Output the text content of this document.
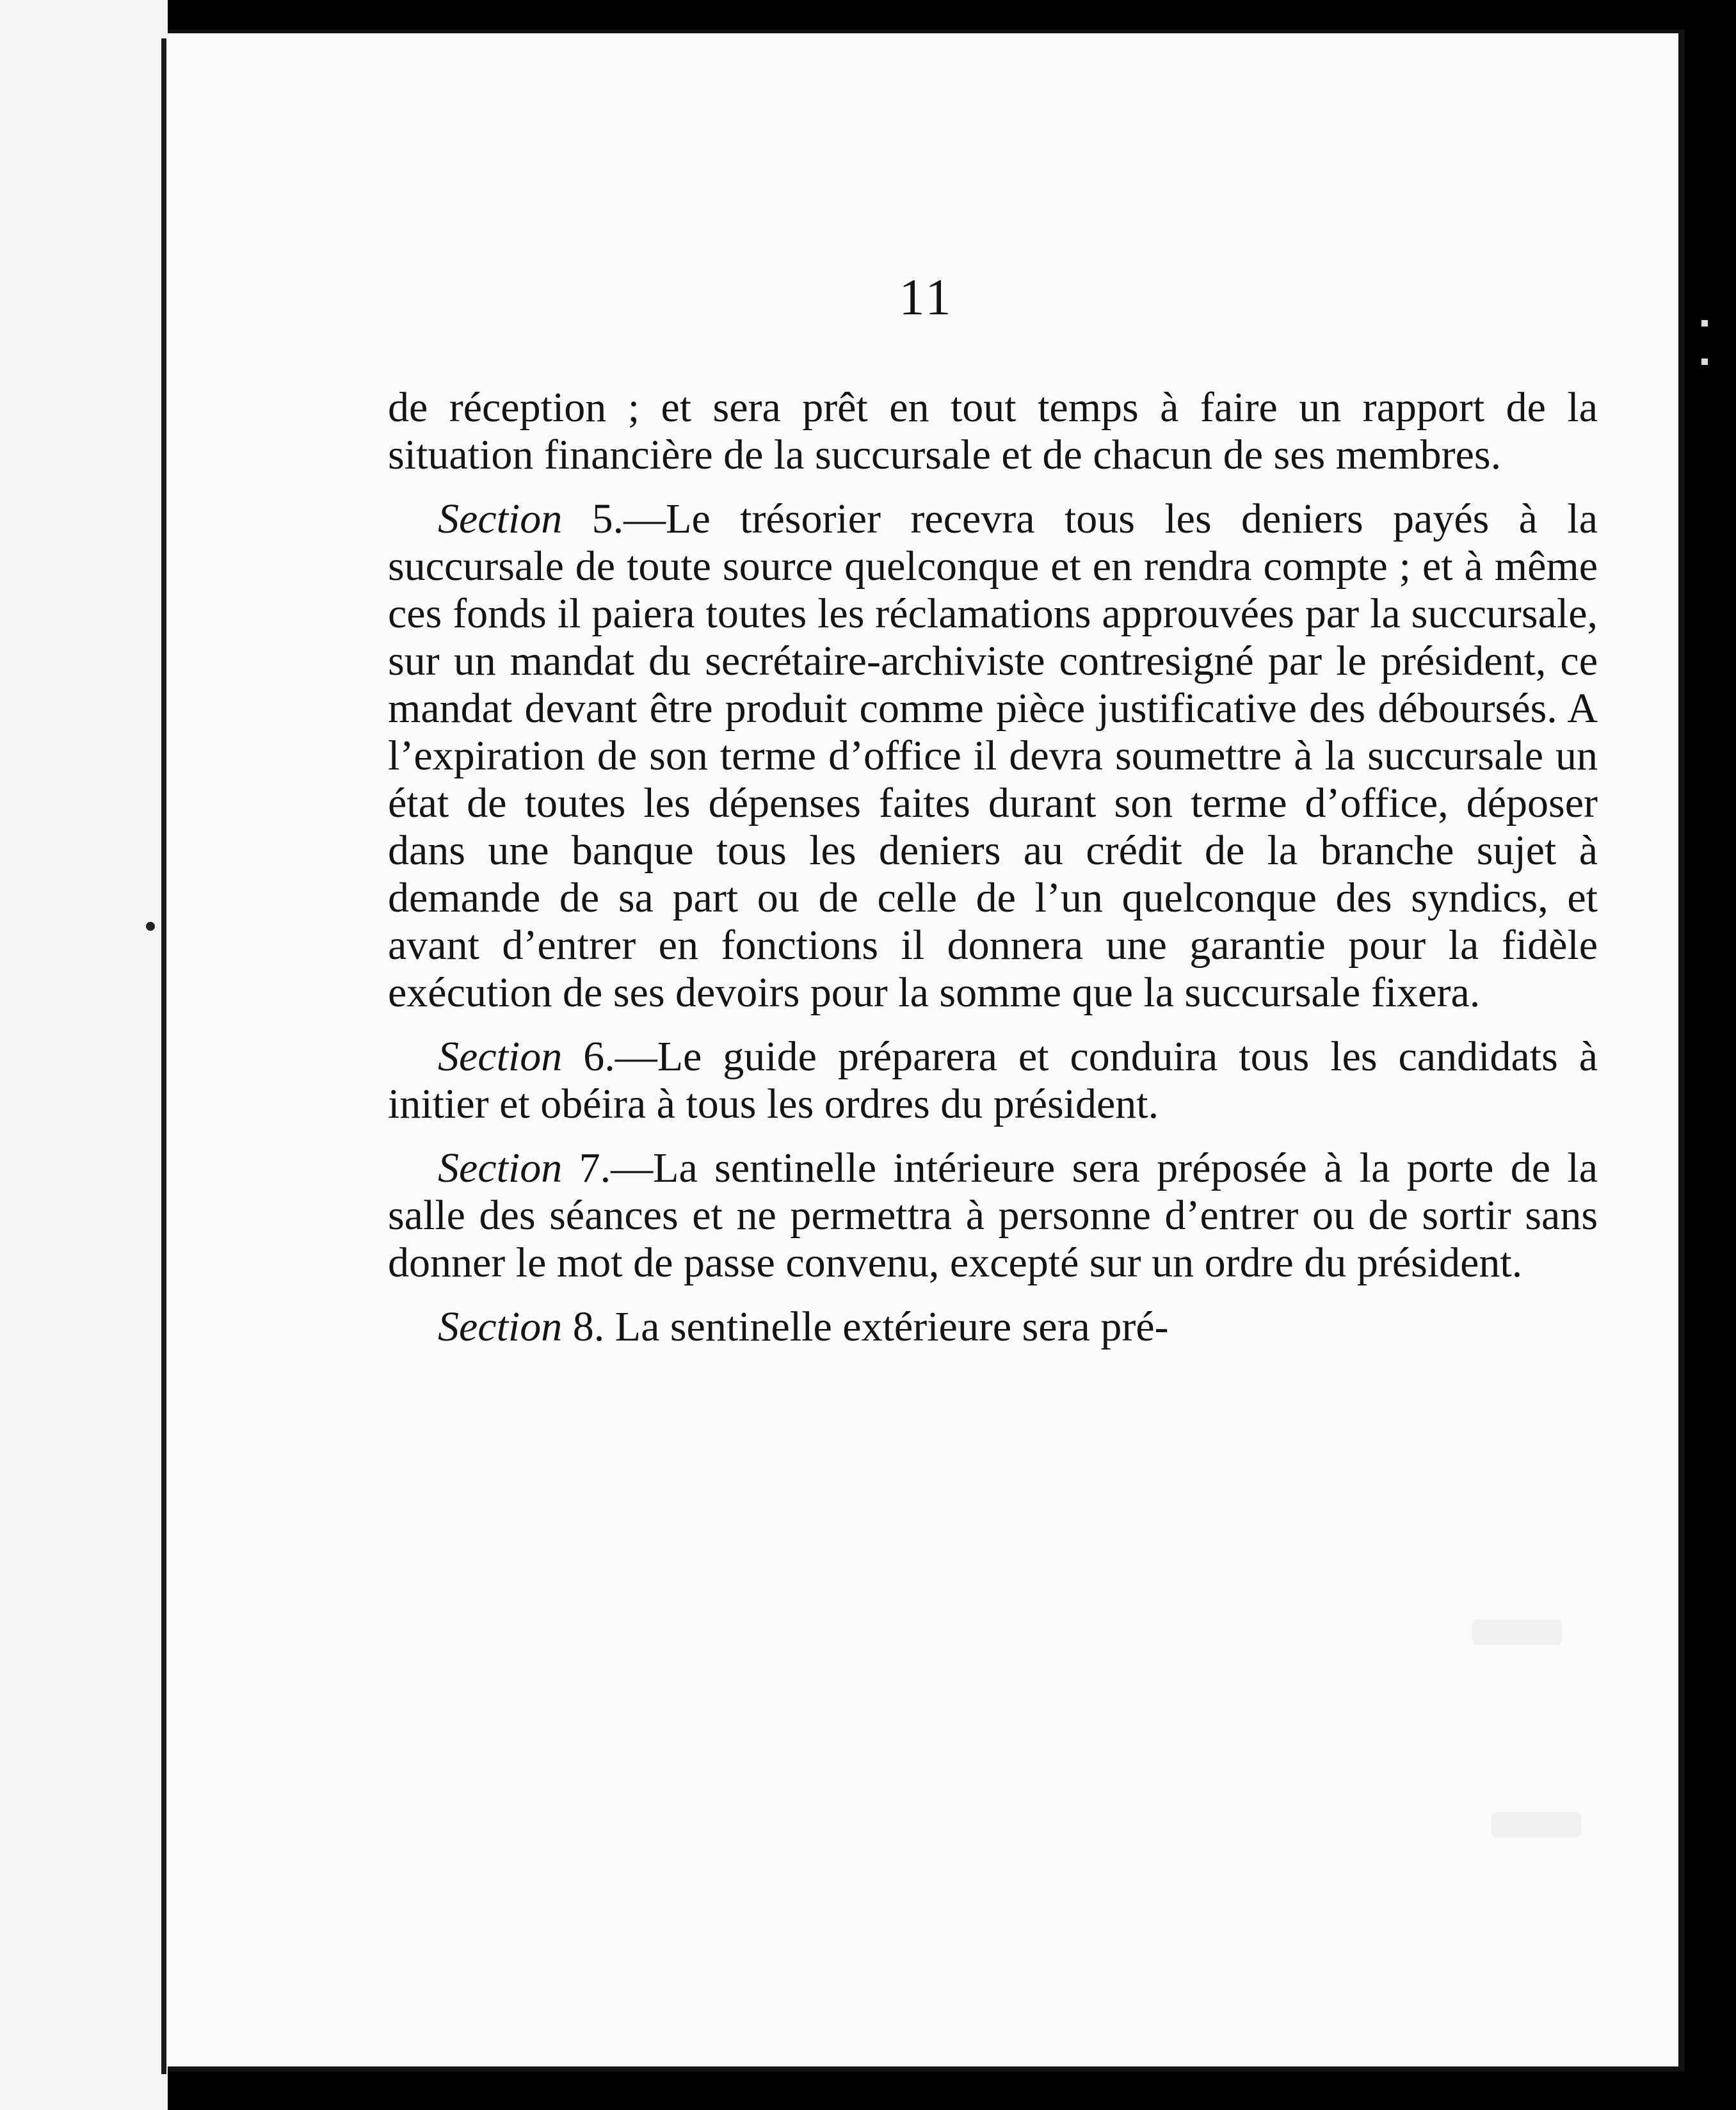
11

de réception ; et sera prêt en tout temps à faire un rapport de la situation financière de la succursale et de chacun de ses membres.

Section 5.—Le trésorier recevra tous les deniers payés à la succursale de toute source quelconque et en rendra compte ; et à même ces fonds il paiera toutes les réclamations approuvées par la succursale, sur un mandat du secrétaire-archiviste contresigné par le président, ce mandat devant être produit comme pièce justificative des déboursés. A l’expiration de son terme d’office il devra soumettre à la succursale un état de toutes les dépenses faites durant son terme d’office, déposer dans une banque tous les deniers au crédit de la branche sujet à demande de sa part ou de celle de l’un quelconque des syndics, et avant d’entrer en fonctions il donnera une garantie pour la fidèle exécution de ses devoirs pour la somme que la succursale fixera.

Section 6.—Le guide préparera et conduira tous les candidats à initier et obéira à tous les ordres du président.

Section 7.—La sentinelle intérieure sera préposée à la porte de la salle des séances et ne permettra à personne d’entrer ou de sortir sans donner le mot de passe convenu, excepté sur un ordre du président.

Section 8. La sentinelle extérieure sera pré-
